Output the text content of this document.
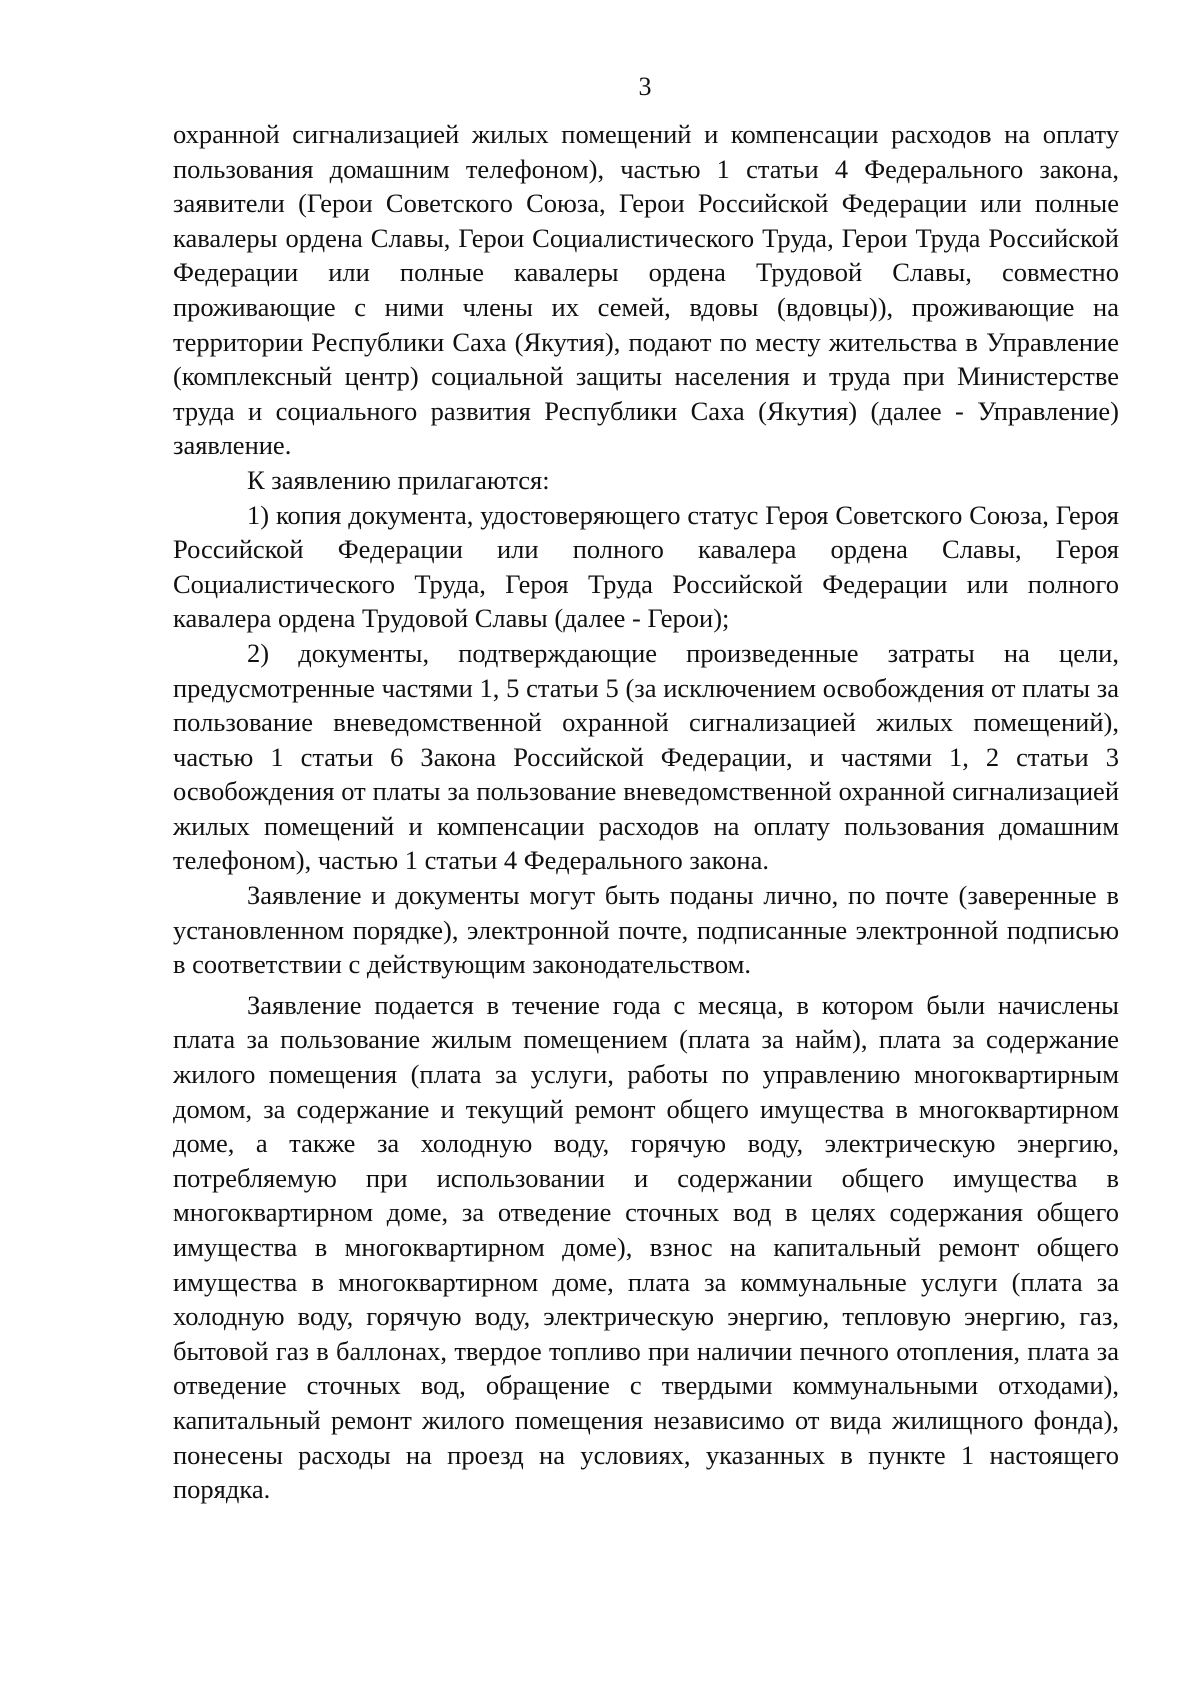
3

охранной сигнализацией жилых помещений и компенсации расходов на оплату пользования домашним телефоном), частью 1 статьи 4 Федерального закона, заявители (Герои Советского Союза, Герои Российской Федерации или полные кавалеры ордена Славы, Герои Социалистического Труда, Герои Труда Российской Федерации или полные кавалеры ордена Трудовой Славы, совместно проживающие с ними члены их семей, вдовы (вдовцы)), проживающие на территории Республики Саха (Якутия), подают по месту жительства в Управление (комплексный центр) социальной защиты населения и труда при Министерстве труда и социального развития Республики Саха (Якутия) (далее - Управление) заявление.

К заявлению прилагаются:

1) копия документа, удостоверяющего статус Героя Советского Союза, Героя Российской Федерации или полного кавалера ордена Славы, Героя Социалистического Труда, Героя Труда Российской Федерации или полного кавалера ордена Трудовой Славы (далее - Герои);

2) документы, подтверждающие произведенные затраты на цели, предусмотренные частями 1, 5 статьи 5 (за исключением освобождения от платы за пользование вневедомственной охранной сигнализацией жилых помещений), частью 1 статьи 6 Закона Российской Федерации, и частями 1, 2 статьи 3 освобождения от платы за пользование вневедомственной охранной сигнализацией жилых помещений и компенсации расходов на оплату пользования домашним телефоном), частью 1 статьи 4 Федерального закона.

Заявление и документы могут быть поданы лично, по почте (заверенные в установленном порядке), электронной почте, подписанные электронной подписью в соответствии с действующим законодательством.

Заявление подается в течение года с месяца, в котором были начислены плата за пользование жилым помещением (плата за найм), плата за содержание жилого помещения (плата за услуги, работы по управлению многоквартирным домом, за содержание и текущий ремонт общего имущества в многоквартирном доме, а также за холодную воду, горячую воду, электрическую энергию, потребляемую при использовании и содержании общего имущества в многоквартирном доме, за отведение сточных вод в целях содержания общего имущества в многоквартирном доме), взнос на капитальный ремонт общего имущества в многоквартирном доме, плата за коммунальные услуги (плата за холодную воду, горячую воду, электрическую энергию, тепловую энергию, газ, бытовой газ в баллонах, твердое топливо при наличии печного отопления, плата за отведение сточных вод, обращение с твердыми коммунальными отходами), капитальный ремонт жилого помещения независимо от вида жилищного фонда), понесены расходы на проезд на условиях, указанных в пункте 1 настоящего порядка.
